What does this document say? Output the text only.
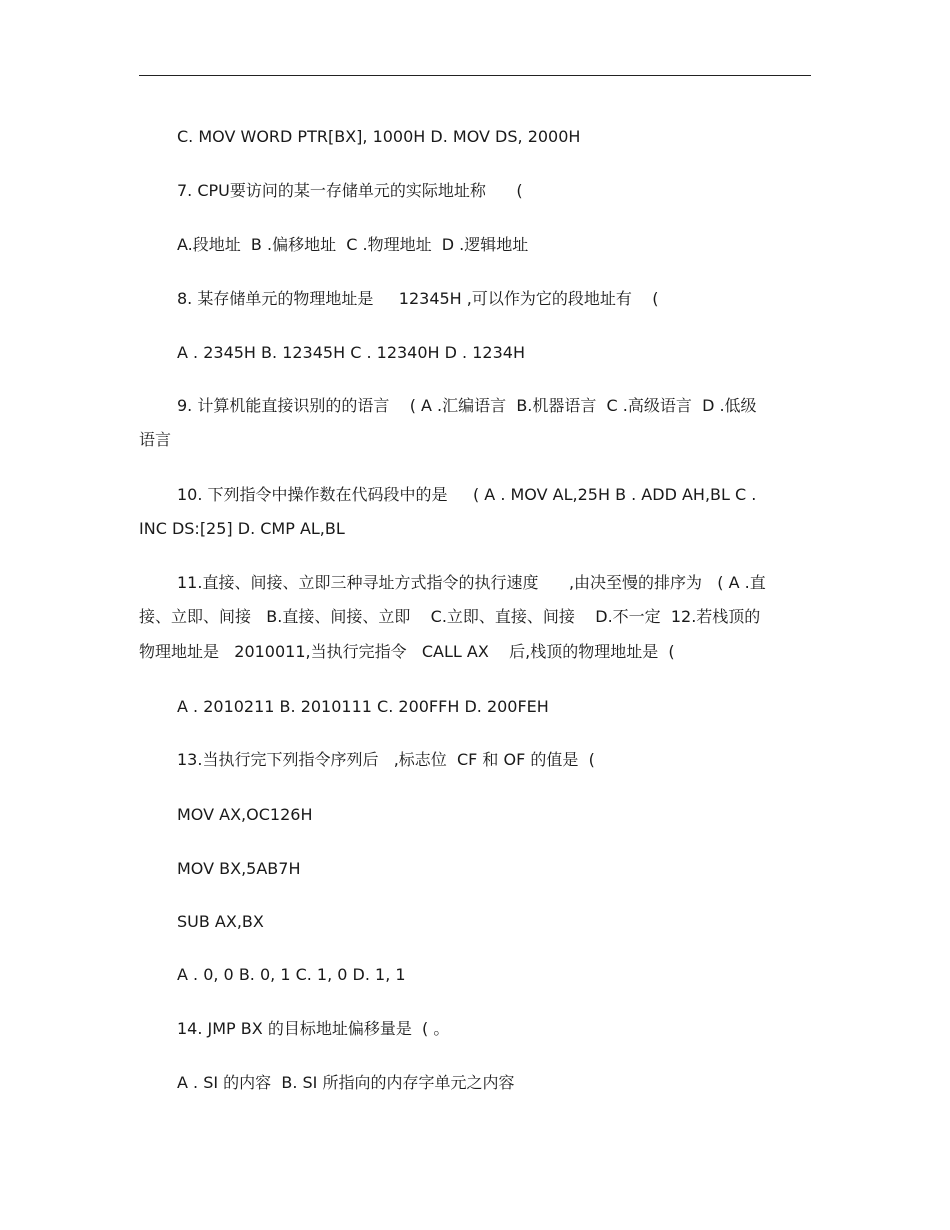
C. MOV WORD PTR[BX], 1000H D. MOV DS, 2000H

7. CPU要访问的某一存储单元的实际地址称      (

A.段地址  B .偏移地址  C .物理地址  D .逻辑地址

8. 某存储单元的物理地址是     12345H ,可以作为它的段地址有    (

A . 2345H B. 12345H C . 12340H D . 1234H

9. 计算机能直接识别的的语言    ( A .汇编语言  B.机器语言  C .高级语言  D .低级

语言

10. 下列指令中操作数在代码段中的是     ( A . MOV AL,25H B . ADD AH,BL C .

INC DS:[25] D. CMP AL,BL

11.直接、间接、立即三种寻址方式指令的执行速度      ,由决至慢的排序为   ( A .直

接、立即、间接   B.直接、间接、立即    C.立即、直接、间接    D.不一定  12.若栈顶的

物理地址是   2010011,当执行完指令   CALL AX    后,栈顶的物理地址是  (

A . 2010211 B. 2010111 C. 200FFH D. 200FEH

13.当执行完下列指令序列后   ,标志位  CF 和 OF 的值是  (

MOV AX,OC126H

MOV BX,5AB7H

SUB AX,BX

A . 0, 0 B. 0, 1 C. 1, 0 D. 1, 1

14. JMP BX 的目标地址偏移量是  ( 。

A . SI 的内容  B. SI 所指向的内存字单元之内容
